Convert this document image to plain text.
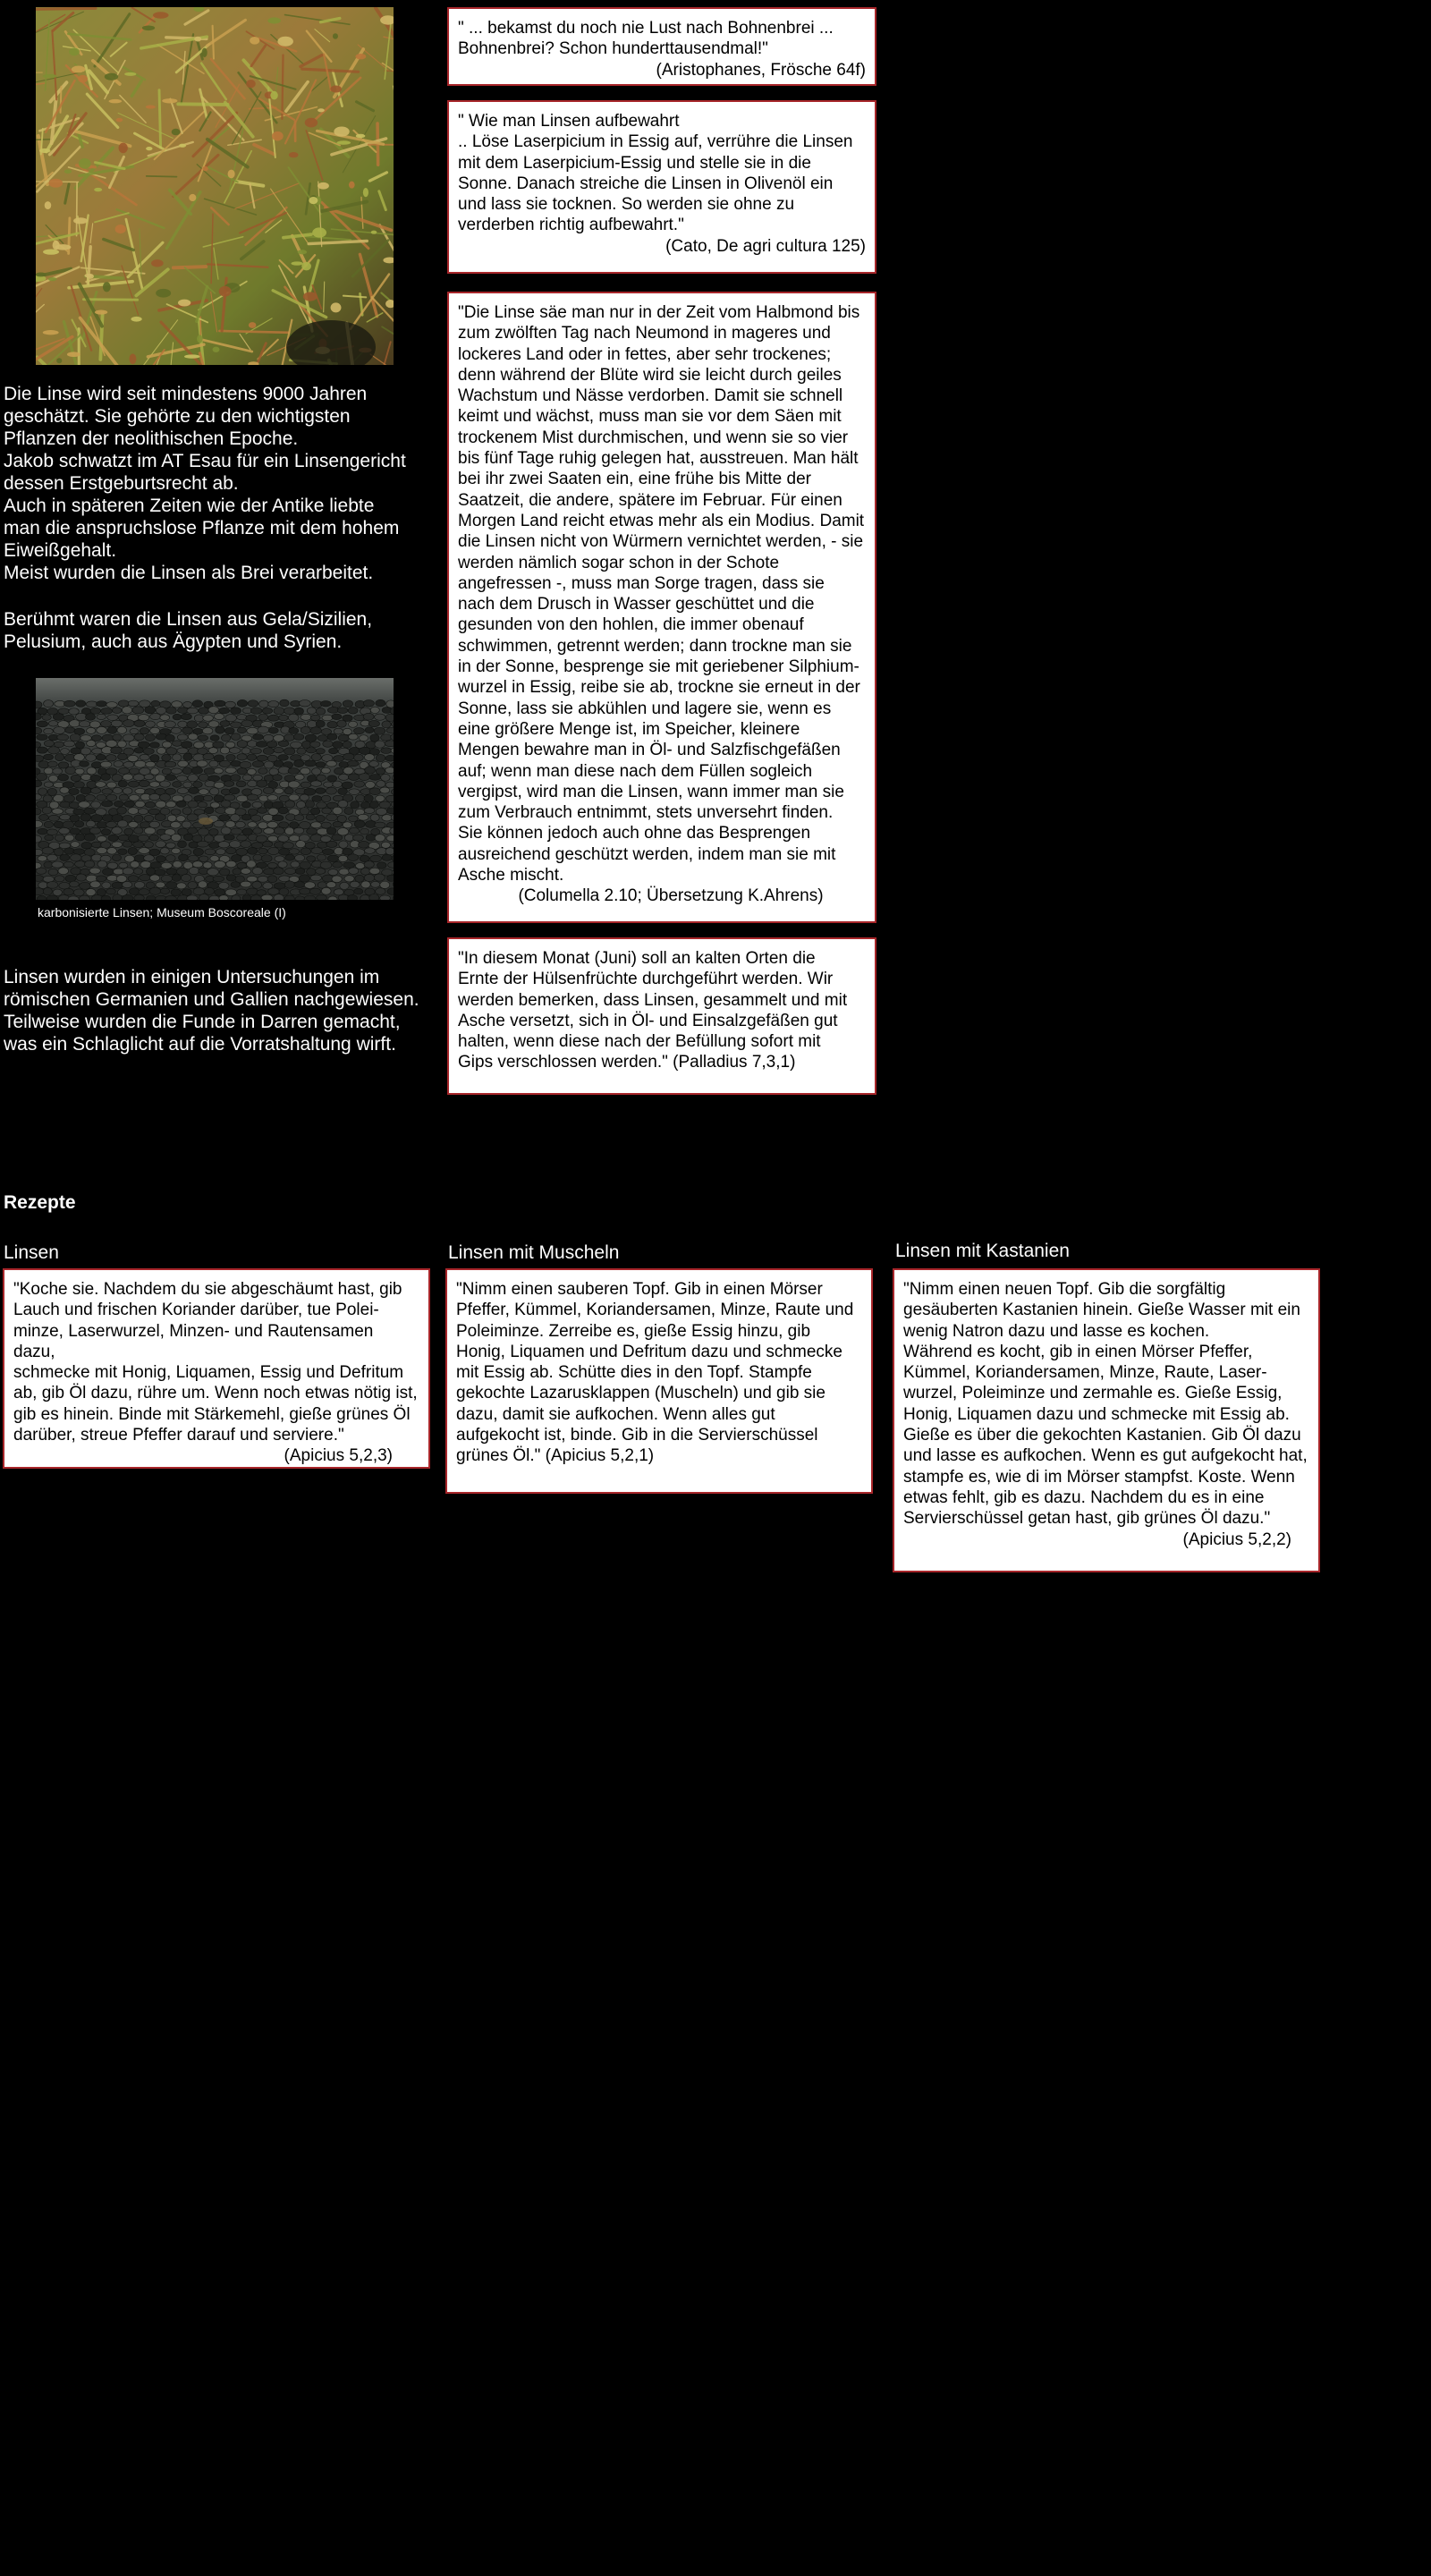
Die Linse wird seit mindestens 9000 Jahren
geschätzt. Sie gehörte zu den wichtigsten
Pflanzen der neolithischen Epoche.
Jakob schwatzt im AT Esau für ein Linsengericht
dessen Erstgeburtsrecht ab.
Auch in späteren Zeiten wie der Antike liebte
man die anspruchslose Pflanze mit dem hohem
Eiweißgehalt.
Meist wurden die Linsen als Brei verarbeitet.
Berühmt waren die Linsen aus Gela/Sizilien,
Pelusium, auch aus Ägypten und Syrien.
karbonisierte Linsen; Museum Boscoreale (I)
Linsen wurden in einigen Untersuchungen im
römischen Germanien und Gallien nachgewiesen.
Teilweise wurden die Funde in Darren gemacht,
was ein Schlaglicht auf die Vorratshaltung wirft.
" ... bekamst du noch nie Lust nach Bohnenbrei ...
Bohnenbrei? Schon hunderttausendmal!"
(Aristophanes, Frösche 64f)
" Wie man Linsen aufbewahrt
.. Löse Laserpicium in Essig auf, verrühre die Linsen
mit dem Laserpicium-Essig und stelle sie in die
Sonne. Danach streiche die Linsen in Olivenöl ein
und lass sie tocknen. So werden sie ohne zu
verderben richtig aufbewahrt."
(Cato, De agri cultura 125)
"Die Linse säe man nur in der Zeit vom Halbmond bis
zum zwölften Tag nach Neumond in mageres und
lockeres Land oder in fettes, aber sehr trockenes;
denn während der Blüte wird sie leicht durch geiles
Wachstum und Nässe verdorben. Damit sie schnell
keimt und wächst, muss man sie vor dem Säen mit
trockenem Mist durchmischen, und wenn sie so vier
bis fünf Tage ruhig gelegen hat, ausstreuen. Man hält
bei ihr zwei Saaten ein, eine frühe bis Mitte der
Saatzeit, die andere, spätere im Februar. Für einen
Morgen Land reicht etwas mehr als ein Modius. Damit
die Linsen nicht von Würmern vernichtet werden, - sie
werden nämlich sogar schon in der Schote
angefressen -, muss man Sorge tragen, dass sie
nach dem Drusch in Wasser geschüttet und die
gesunden von den hohlen, die immer obenauf
schwimmen, getrennt werden; dann trockne man sie
in der Sonne, besprenge sie mit geriebener Silphium-
wurzel in Essig, reibe sie ab, trockne sie erneut in der
Sonne, lass sie abkühlen und lagere sie, wenn es
eine größere Menge ist, im Speicher, kleinere
Mengen bewahre man in Öl- und Salzfischgefäßen
auf; wenn man diese nach dem Füllen sogleich
vergipst, wird man die Linsen, wann immer man sie
zum Verbrauch entnimmt, stets unversehrt finden.
Sie können jedoch auch ohne das Besprengen
ausreichend geschützt werden, indem man sie mit
Asche mischt.
(Columella 2.10; Übersetzung K.Ahrens)
"In diesem Monat (Juni) soll an kalten Orten die
Ernte der Hülsenfrüchte durchgeführt werden. Wir
werden bemerken, dass Linsen, gesammelt und mit
Asche versetzt, sich in Öl- und Einsalzgefäßen gut
halten, wenn diese nach der Befüllung sofort mit
Gips verschlossen werden." (Palladius 7,3,1)
Rezepte
Linsen	Linsen mit Muscheln	Linsen mit Kastanien
"Koche sie. Nachdem du sie abgeschäumt hast, gib
Lauch und frischen Koriander darüber, tue Polei-
minze, Laserwurzel, Minzen- und Rautensamen dazu,
schmecke mit Honig, Liquamen, Essig und Defritum
ab, gib Öl dazu, rühre um. Wenn noch etwas nötig ist,
gib es hinein. Binde mit Stärkemehl, gieße grünes Öl
darüber, streue Pfeffer darauf und serviere."
(Apicius 5,2,3)
"Nimm einen sauberen Topf. Gib in einen Mörser
Pfeffer, Kümmel, Koriandersamen, Minze, Raute und
Poleiminze. Zerreibe es, gieße Essig hinzu, gib
Honig, Liquamen und Defritum dazu und schmecke
mit Essig ab. Schütte dies in den Topf. Stampfe
gekochte Lazarusklappen (Muscheln) und gib sie
dazu, damit sie aufkochen. Wenn alles gut
aufgekocht ist, binde. Gib in die Servierschüssel
grünes Öl." (Apicius 5,2,1)
"Nimm einen neuen Topf. Gib die sorgfältig
gesäuberten Kastanien hinein. Gieße Wasser mit ein
wenig Natron dazu und lasse es kochen.
Während es kocht, gib in einen Mörser Pfeffer,
Kümmel, Koriandersamen, Minze, Raute, Laser-
wurzel, Poleiminze und zermahle es. Gieße Essig,
Honig, Liquamen dazu und schmecke mit Essig ab.
Gieße es über die gekochten Kastanien. Gib Öl dazu
und lasse es aufkochen. Wenn es gut aufgekocht hat,
stampfe es, wie di im Mörser stampfst. Koste. Wenn
etwas fehlt, gib es dazu. Nachdem du es in eine
Servierschüssel getan hast, gib grünes Öl dazu."
(Apicius 5,2,2)
